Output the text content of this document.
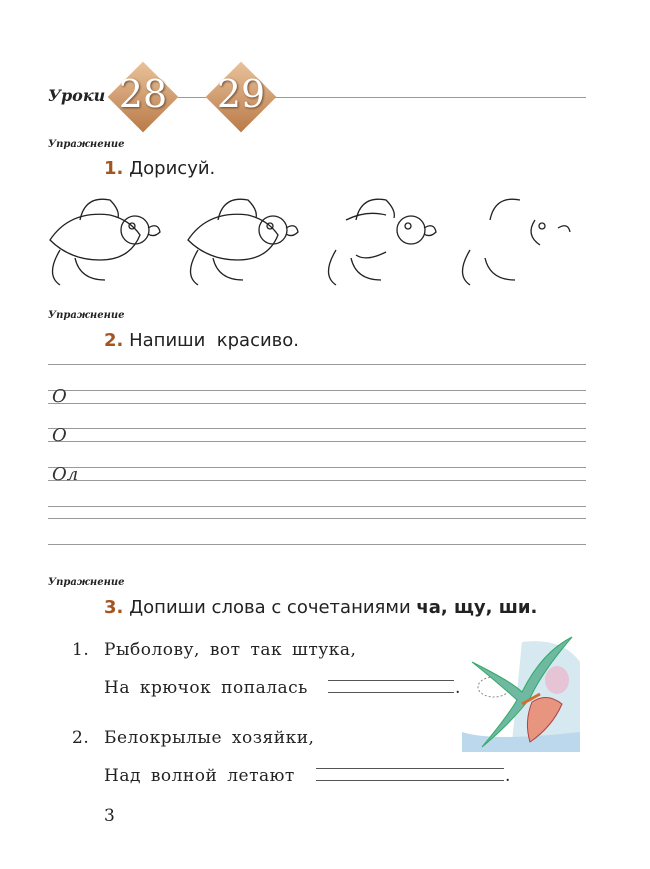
Уроки 28	29
Упражнение
1. Дорисуй.
Упражнение
2. Напиши  красиво.
О
О
Ол
Упражнение
3. Допиши слова с сочетаниями ча, щу, ши.
1. Рыболову, вот так штука,
На крючок попалась	.
2. Белокрылые хозяйки,
Над волной летают	.
3
